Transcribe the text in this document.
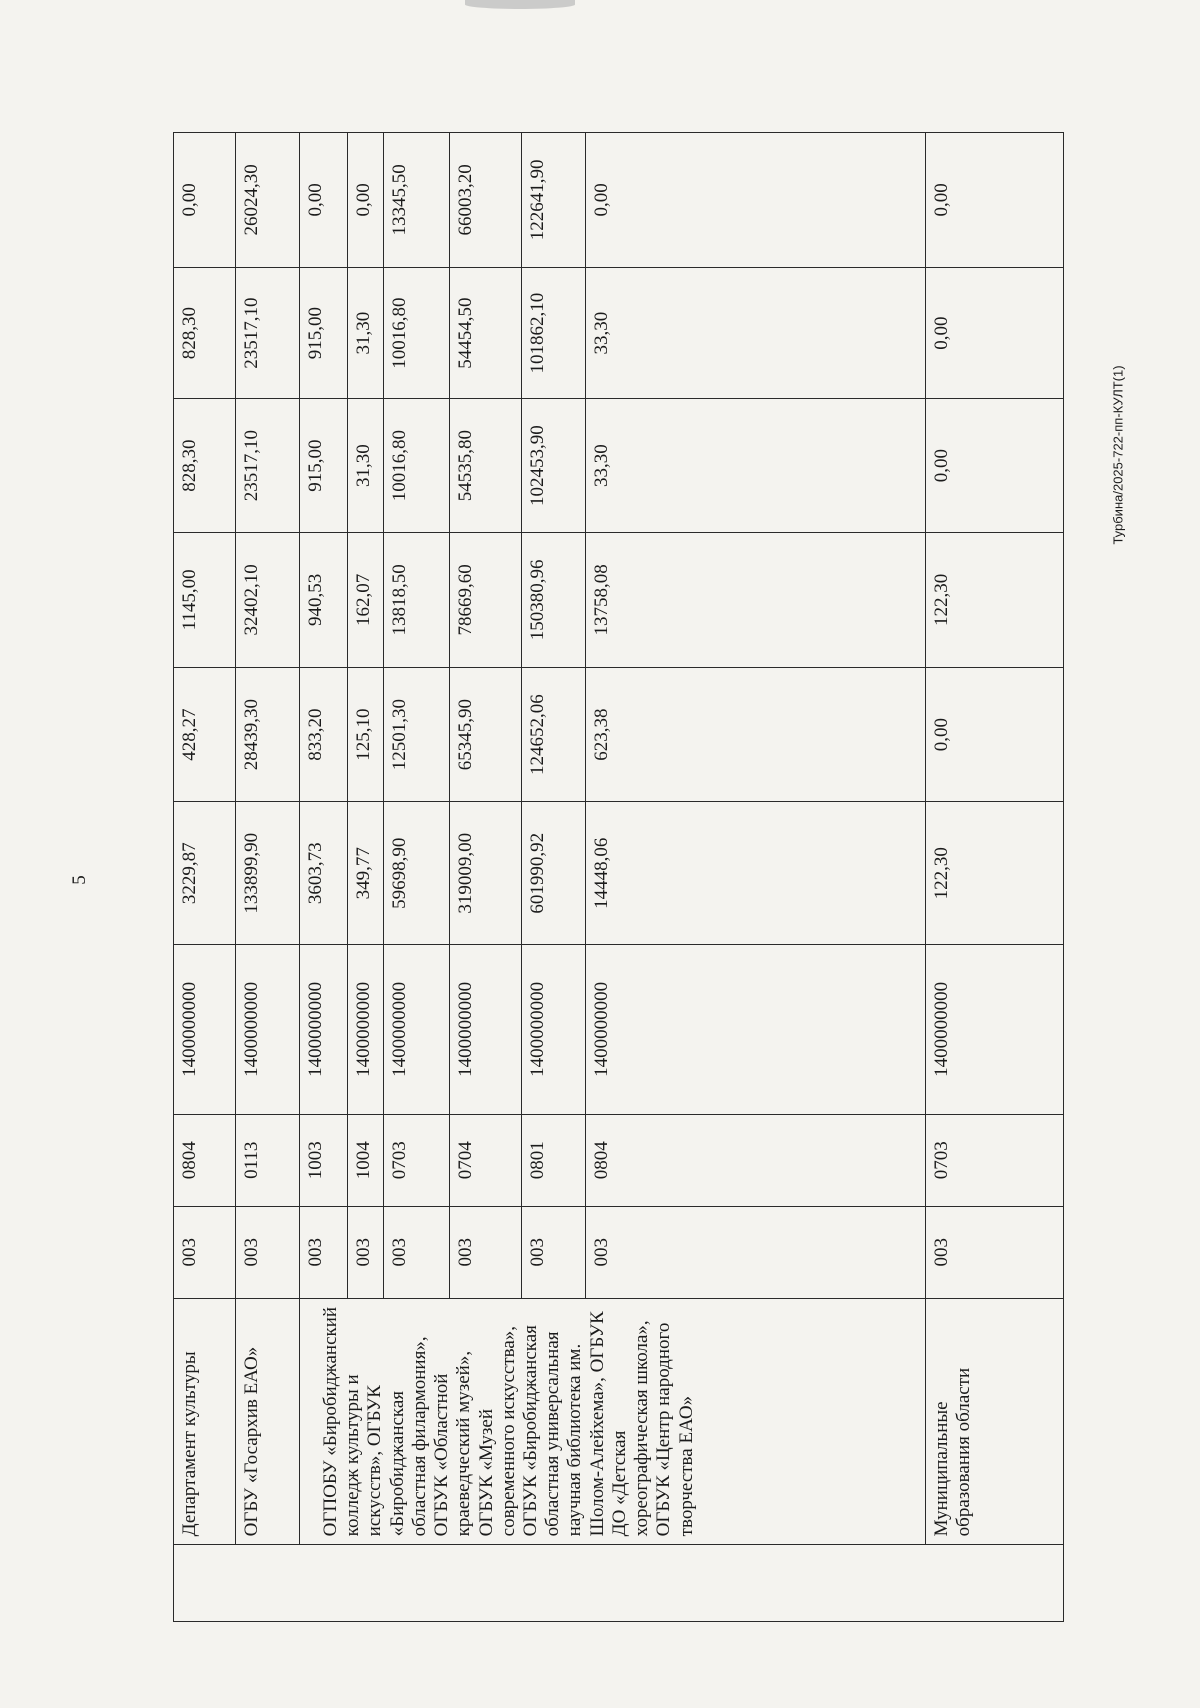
5
Турбина/2025-722-пп-КУЛТ(1)
	Департамент культуры	003	0804	1400000000	3229,87	428,27	1145,00	828,30	828,30	0,00
	ОГБУ «Госархив ЕАО»	003	0113	1400000000	133899,90	28439,30	32402,10	23517,10	23517,10	26024,30
	ОГПОБУ «Биробиджанский колледж культуры и искусств», ОГБУК «Биробиджанская областная филармония», ОГБУК «Областной краеведческий музей», ОГБУК «Музей современного искусства», ОГБУК «Биробиджанская областная универсальная научная библиотека им. Шолом-Алейхема», ОГБУК ДО «Детская хореографическая школа», ОГБУК «Центр народного творчества ЕАО»	003	1003	1400000000	3603,73	833,20	940,53	915,00	915,00	0,00
		003	1004	1400000000	349,77	125,10	162,07	31,30	31,30	0,00
		003	0703	1400000000	59698,90	12501,30	13818,50	10016,80	10016,80	13345,50
		003	0704	1400000000	319009,00	65345,90	78669,60	54535,80	54454,50	66003,20
		003	0801	1400000000	601990,92	124652,06	150380,96	102453,90	101862,10	122641,90
		003	0804	1400000000	14448,06	623,38	13758,08	33,30	33,30	0,00
	Муниципальные образования области	003	0703	1400000000	122,30	0,00	122,30	0,00	0,00	0,00
